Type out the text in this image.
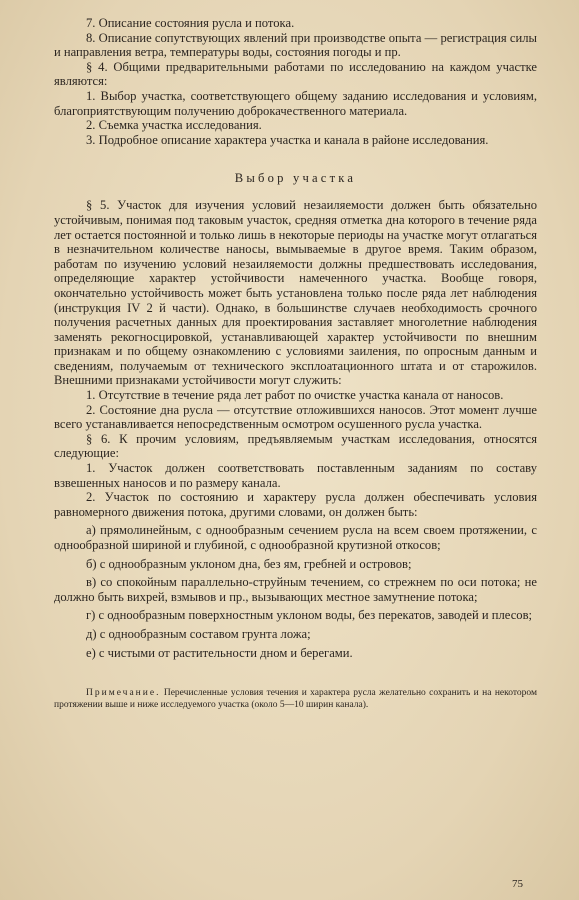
7. Описание состояния русла и потока.

8. Описание сопутствующих явлений при производстве опыта — регистрация силы и направления ветра, температуры воды, состояния погоды и пр.

§ 4. Общими предварительными работами по исследованию на каждом участке являются:

1. Выбор участка, соответствующего общему заданию исследования и условиям, благоприятствующим получению доброкачественного материала.

2. Съемка участка исследования.

3. Подробное описание характера участка и канала в районе исследования.

Выбор участка

§ 5. Участок для изучения условий незаиляемости должен быть обязательно устойчивым, понимая под таковым участок, средняя отметка дна которого в течение ряда лет остается постоянной и только лишь в некоторые периоды на участке могут отлагаться в незначительном количестве наносы, вымываемые в другое время. Таким образом, работам по изучению условий незаиляемости должны предшествовать исследования, определяющие характер устойчивости намеченного участка. Вообще говоря, окончательно устойчивость может быть установлена только после ряда лет наблюдения (инструкция IV 2 й части). Однако, в большинстве случаев необходимость срочного получения расчетных данных для проектирования заставляет многолетние наблюдения заменять рекогносцировкой, устанавливающей характер устойчивости по внешним признакам и по общему ознакомлению с условиями заиления, по опросным данным и сведениям, получаемым от технического эксплоатационного штата и от старожилов. Внешними признаками устойчивости могут служить:

1. Отсутствие в течение ряда лет работ по очистке участка канала от наносов.

2. Состояние дна русла — отсутствие отложившихся наносов. Этот момент лучше всего устанавливается непосредственным осмотром осушенного русла участка.

§ 6. К прочим условиям, предъявляемым участкам исследования, относятся следующие:

1. Участок должен соответствовать поставленным заданиям по составу взвешенных наносов и по размеру канала.

2. Участок по состоянию и характеру русла должен обеспечивать условия равномерного движения потока, другими словами, он должен быть:

а) прямолинейным, с однообразным сечением русла на всем своем протяжении, с однообразной шириной и глубиной, с однообразной крутизной откосов;

б) с однообразным уклоном дна, без ям, гребней и островов;

в) со спокойным параллельно-струйным течением, со стрежнем по оси потока; не должно быть вихрей, взмывов и пр., вызывающих местное замутнение потока;

г) с однообразным поверхностным уклоном воды, без перекатов, заводей и плесов;

д) с однообразным составом грунта ложа;

е) с чистыми от растительности дном и берегами.

Примечание. Перечисленные условия течения и характера русла желательно сохранить и на некотором протяжении выше и ниже исследуемого участка (около 5—10 ширин канала).

75
